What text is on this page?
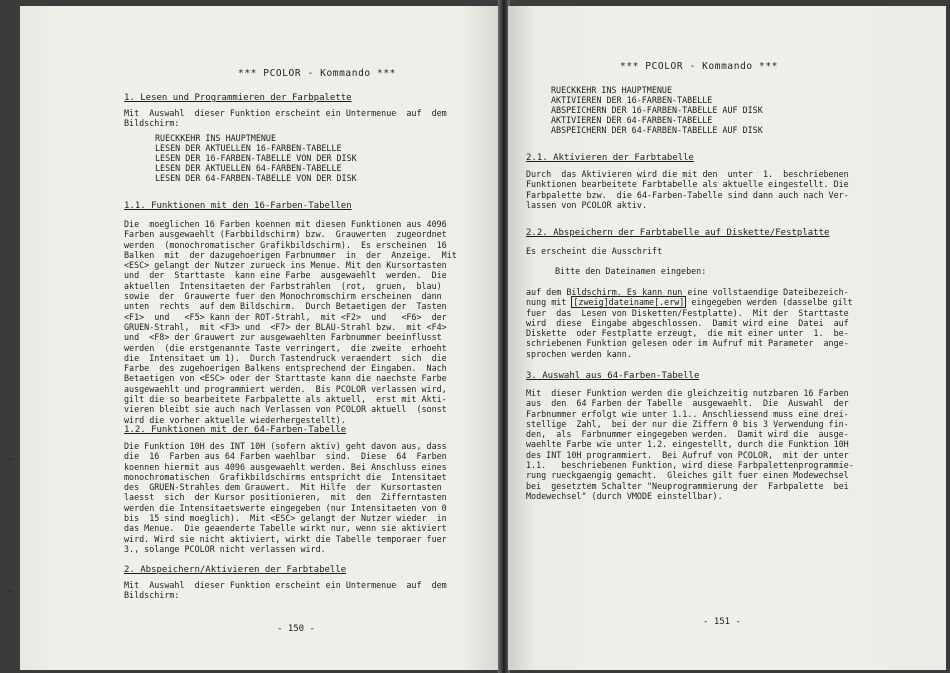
*** PCOLOR - Kommando ***
1. Lesen und Programmieren der Farbpalette
Mit  Auswahl  dieser Funktion erscheint ein Untermenue  auf  dem
Bildschirm:
RUECKKEHR INS HAUPTMENUE
LESEN DER AKTUELLEN 16-FARBEN-TABELLE
LESEN DER 16-FARBEN-TABELLE VON DER DISK
LESEN DER AKTUELLEN 64-FARBEN-TABELLE
LESEN DER 64-FARBEN-TABELLE VON DER DISK
1.1. Funktionen mit den 16-Farben-Tabellen
Die  moeglichen 16 Farben koennen mit diesen Funktionen aus 4096
Farben ausgewaehlt (Farbbildschirm) bzw.  Grauwerten  zugeordnet
werden  (monochromatischer Grafikbildschirm).  Es erscheinen  16
Balken  mit  der dazugehoerigen Farbnummer  in  der  Anzeige.  Mit
<ESC> gelangt der Nutzer zurueck ins Menue. Mit den Kursortasten
und  der  Starttaste  kann eine Farbe  ausgewaehlt  werden.  Die
aktuellen  Intensitaeten der Farbstrahlen  (rot,  gruen,  blau)
sowie  der  Grauwerte fuer den Monochromschirm erscheinen  dann
unten  rechts  auf dem Bildschirm.  Durch Betaetigen der  Tasten
<F1>  und   <F5> kann der ROT-Strahl,  mit <F2>  und   <F6>  der
GRUEN-Strahl,  mit <F3> und  <F7> der BLAU-Strahl bzw.  mit <F4>
und  <F8> der Grauwert zur ausgewaehlten Farbnummer beeinflusst
werden  (die erstgenannte Taste verringert,  die zweite  erhoeht
die  Intensitaet um 1).  Durch Tastendruck veraendert  sich  die
Farbe  des zugehoerigen Balkens entsprechend der Eingaben.  Nach
Betaetigen von <ESC> oder der Starttaste kann die naechste Farbe
ausgewaehlt und programmiert werden.  Bis PCOLOR verlassen wird,
gilt die so bearbeitete Farbpalette als aktuell,  erst mit Akti-
vieren bleibt sie auch nach Verlassen von PCOLOR aktuell  (sonst
wird die vorher aktuelle wiederhergestellt).
1.2. Funktionen mit der 64-Farben-Tabelle
Die Funktion 10H des INT 10H (sofern aktiv) geht davon aus, dass
die  16  Farben aus 64 Farben waehlbar  sind.  Diese  64  Farben
koennen hiermit aus 4096 ausgewaehlt werden. Bei Anschluss eines
monochromatischen  Grafikbildschirms entspricht die  Intensitaet
des  GRUEN-Strahles dem Grauwert.  Mit Hilfe  der  Kursortasten
laesst  sich  der Kursor positionieren,  mit  den  Zifferntasten
werden die Intensitaetswerte eingegeben (nur Intensitaeten von 0
bis  15 sind moeglich).  Mit <ESC> gelangt der Nutzer wieder  in
das Menue.  Die geaenderte Tabelle wirkt nur, wenn sie aktiviert
wird. Wird sie nicht aktiviert, wirkt die Tabelle temporaer fuer
3., solange PCOLOR nicht verlassen wird.
2. Abspeichern/Aktivieren der Farbtabelle
Mit  Auswahl  dieser Funktion erscheint ein Untermenue  auf  dem
Bildschirm:
- 150 -
*** PCOLOR - Kommando ***
RUECKKEHR INS HAUPTMENUE
AKTIVIEREN DER 16-FARBEN-TABELLE
ABSPEICHERN DER 16-FARBEN-TABELLE AUF DISK
AKTIVIEREN DER 64-FARBEN-TABELLE
ABSPEICHERN DER 64-FARBEN-TABELLE AUF DISK
2.1. Aktivieren der Farbtabelle
Durch  das Aktivieren wird die mit den  unter  1.  beschriebenen
Funktionen bearbeitete Farbtabelle als aktuelle eingestellt. Die
Farbpalette bzw.  die 64-Farben-Tabelle sind dann auch nach Ver-
lassen von PCOLOR aktiv.
2.2. Abspeichern der Farbtabelle auf Diskette/Festplatte
Es erscheint die Ausschrift
Bitte den Dateinamen eingeben:
auf dem Bildschirm. Es kann nun eine vollstaendige Dateibezeich-
nung mit [zweig]dateiname[.erw] eingegeben werden (dasselbe gilt
fuer  das  Lesen von Disketten/Festplatte).  Mit der  Starttaste
wird  diese  Eingabe abgeschlossen.  Damit wird eine  Datei  auf
Diskette  oder Festplatte erzeugt,  die mit einer unter  1.  be-
schriebenen Funktion gelesen oder im Aufruf mit Parameter  ange-
sprochen werden kann.
3. Auswahl aus 64-Farben-Tabelle
Mit  dieser Funktion werden die gleichzeitig nutzbaren 16 Farben
aus  den  64 Farben der Tabelle  ausgewaehlt.  Die  Auswahl  der
Farbnummer erfolgt wie unter 1.1.. Anschliessend muss eine drei-
stellige  Zahl,  bei der nur die Ziffern 0 bis 3 Verwendung fin-
den,  als  Farbnummer eingegeben werden.  Damit wird die  ausge-
waehlte Farbe wie unter 1.2. eingestellt, durch die Funktion 10H
des INT 10H programmiert.  Bei Aufruf von PCOLOR,  mit der unter
1.1.   beschriebenen Funktion, wird diese Farbpalettenprogrammie-
rung rueckgaengig gemacht.  Gleiches gilt fuer einen Modewechsel
bei  gesetztem Schalter "Neuprogrammierung der  Farbpalette  bei
Modewechsel" (durch VMODE einstellbar).
- 151 -
